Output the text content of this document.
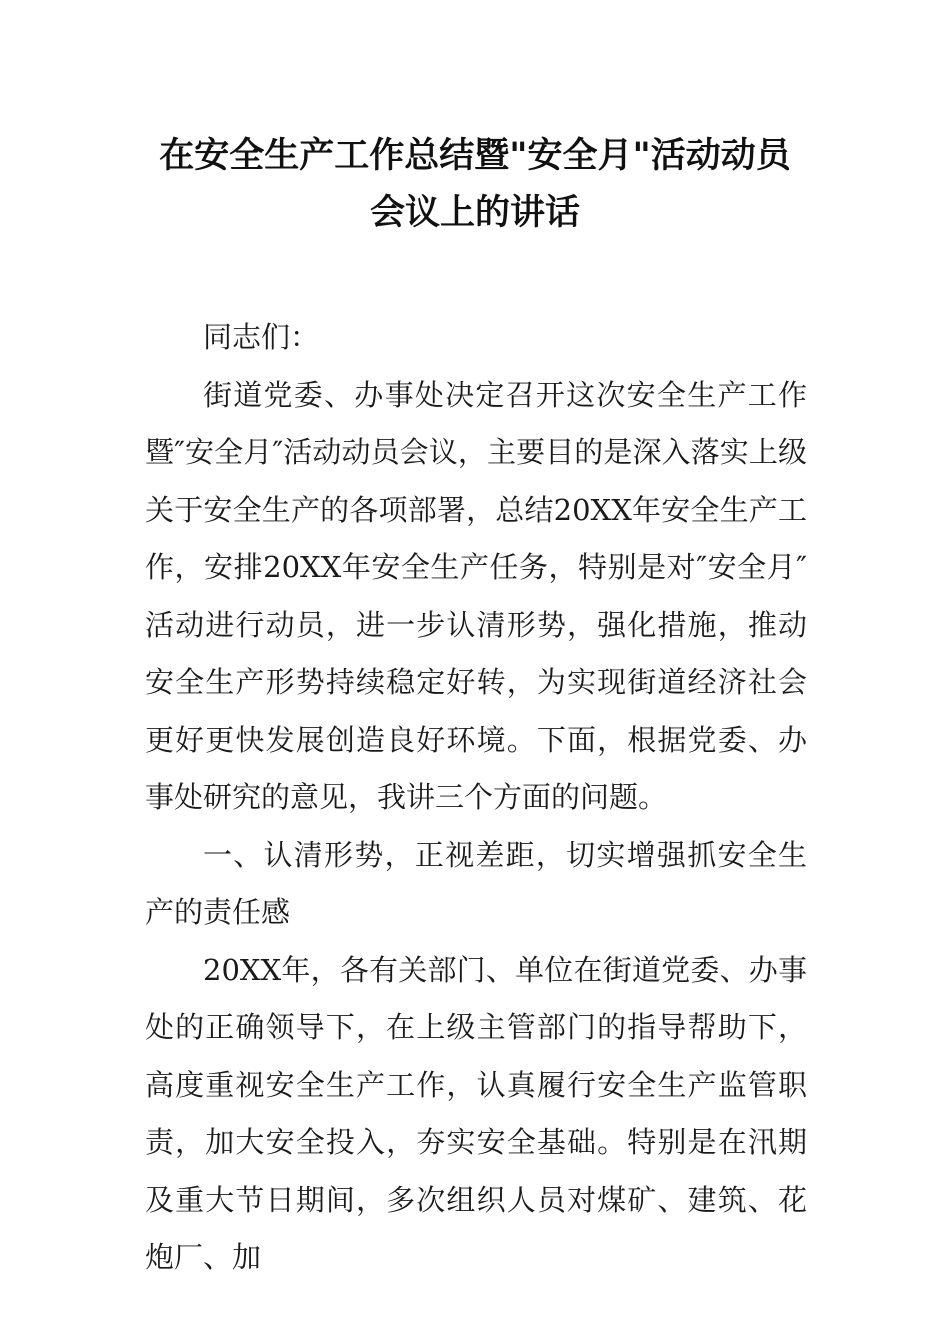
在安全生产工作总结暨"安全月"活动动员会议上的讲话

同志们：

街道党委、办事处决定召开这次安全生产工作暨″安全月″活动动员会议，主要目的是深入落实上级关于安全生产的各项部署，总结20XX年安全生产工作，安排20XX年安全生产任务，特别是对″安全月″活动进行动员，进一步认清形势，强化措施，推动安全生产形势持续稳定好转，为实现街道经济社会更好更快发展创造良好环境。下面，根据党委、办事处研究的意见，我讲三个方面的问题。

一、认清形势，正视差距，切实增强抓安全生产的责任感

20XX年，各有关部门、单位在街道党委、办事处的正确领导下，在上级主管部门的指导帮助下，高度重视安全生产工作，认真履行安全生产监管职责，加大安全投入，夯实安全基础。特别是在汛期及重大节日期间，多次组织人员对煤矿、建筑、花炮厂、加
